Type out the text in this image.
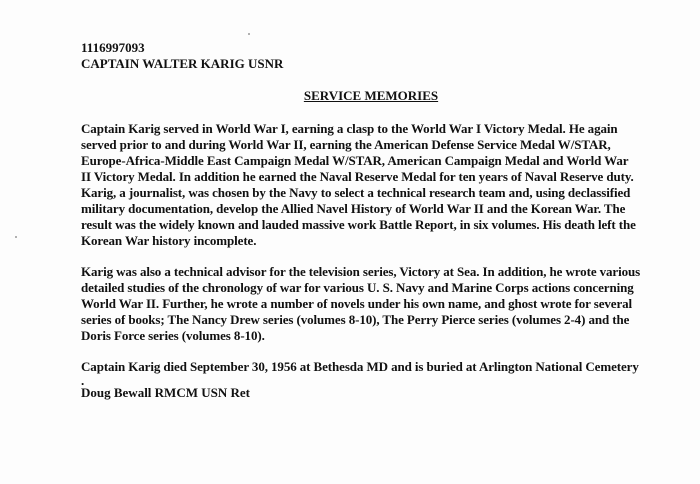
1116997093
CAPTAIN WALTER KARIG USNR
SERVICE MEMORIES

Captain Karig served in World War I, earning a clasp to the World War I Victory Medal. He again served prior to and during World War II, earning the American Defense Service Medal W/STAR, Europe-Africa-Middle East Campaign Medal W/STAR, American Campaign Medal and World War II Victory Medal. In addition he earned the Naval Reserve Medal for ten years of Naval Reserve duty. Karig, a journalist, was chosen by the Navy to select a technical research team and, using declassified military documentation, develop the Allied Navel History of World War II and the Korean War. The result was the widely known and lauded massive work Battle Report, in six volumes. His death left the Korean War history incomplete.

Karig was also a technical advisor for the television series, Victory at Sea. In addition, he wrote various detailed studies of the chronology of war for various U. S. Navy and Marine Corps actions concerning World War II. Further, he wrote a number of novels under his own name, and ghost wrote for several series of books; The Nancy Drew series (volumes 8-10), The Perry Pierce series (volumes 2-4) and the Doris Force series (volumes 8-10).

Captain Karig died September 30, 1956 at Bethesda MD and is buried at Arlington National Cemetery

.
Doug Bewall RMCM USN Ret
